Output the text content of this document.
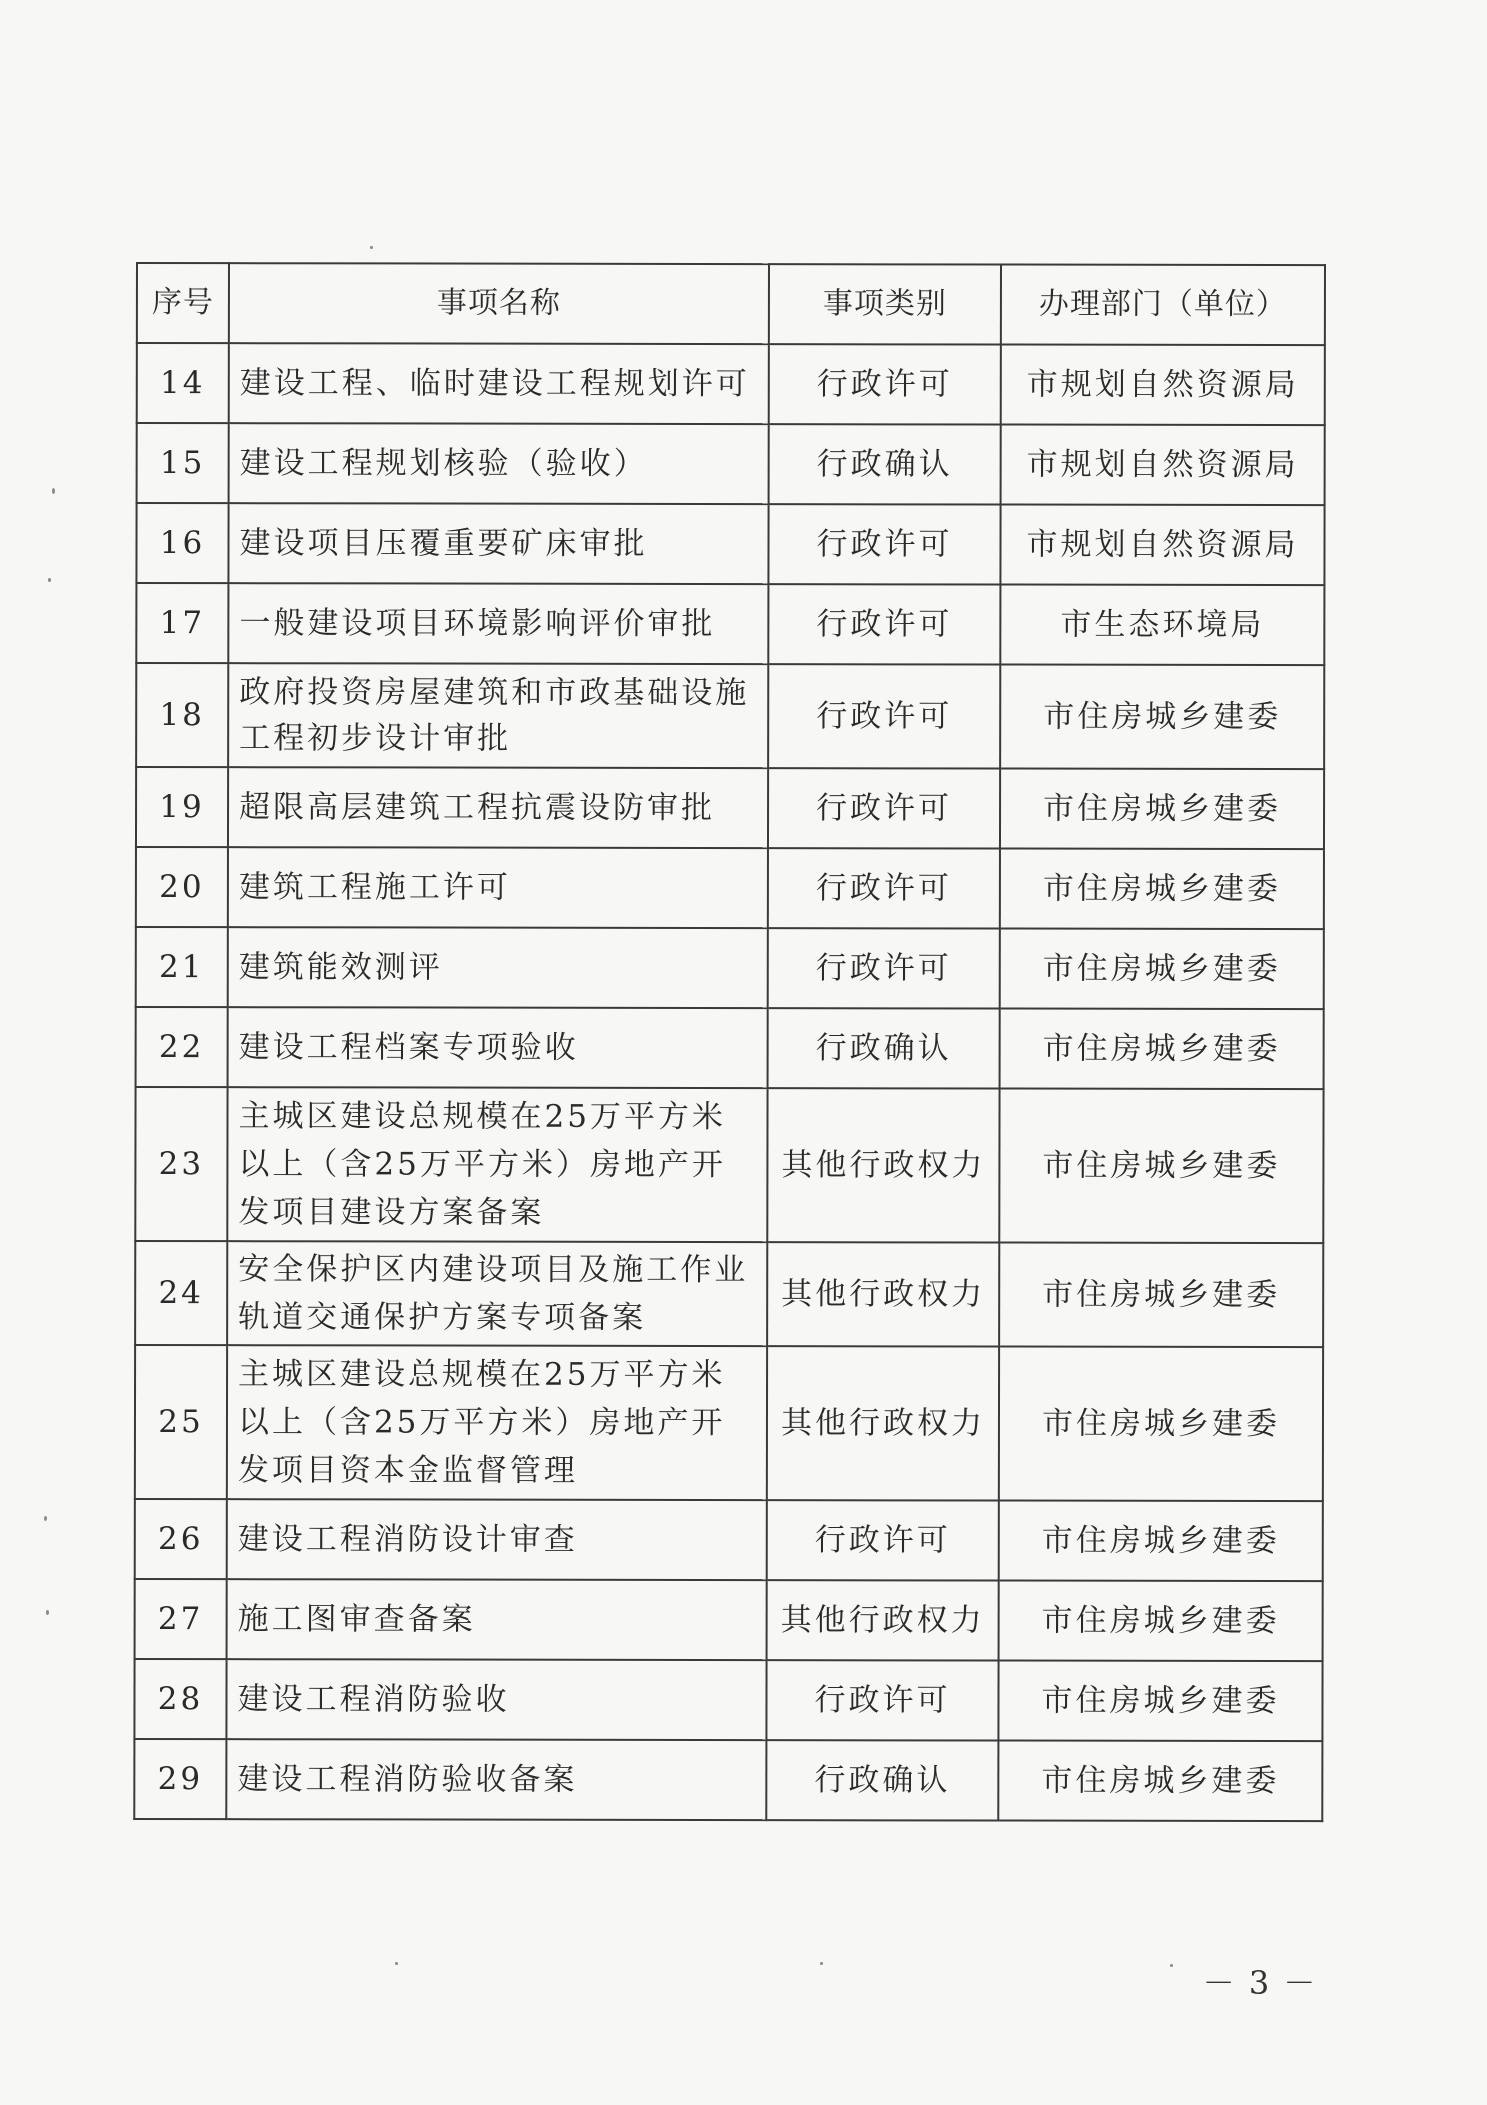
序号	事项名称	事项类别	办理部门（单位）
14	建设工程、临时建设工程规划许可	行政许可	市规划自然资源局
15	建设工程规划核验（验收）	行政确认	市规划自然资源局
16	建设项目压覆重要矿床审批	行政许可	市规划自然资源局
17	一般建设项目环境影响评价审批	行政许可	市生态环境局
18	政府投资房屋建筑和市政基础设施工程初步设计审批	行政许可	市住房城乡建委
19	超限高层建筑工程抗震设防审批	行政许可	市住房城乡建委
20	建筑工程施工许可	行政许可	市住房城乡建委
21	建筑能效测评	行政许可	市住房城乡建委
22	建设工程档案专项验收	行政确认	市住房城乡建委
23	主城区建设总规模在25万平方米以上（含25万平方米）房地产开发项目建设方案备案	其他行政权力	市住房城乡建委
24	安全保护区内建设项目及施工作业轨道交通保护方案专项备案	其他行政权力	市住房城乡建委
25	主城区建设总规模在25万平方米以上（含25万平方米）房地产开发项目资本金监督管理	其他行政权力	市住房城乡建委
26	建设工程消防设计审查	行政许可	市住房城乡建委
27	施工图审查备案	其他行政权力	市住房城乡建委
28	建设工程消防验收	行政许可	市住房城乡建委
29	建设工程消防验收备案	行政确认	市住房城乡建委
－ 3 －
